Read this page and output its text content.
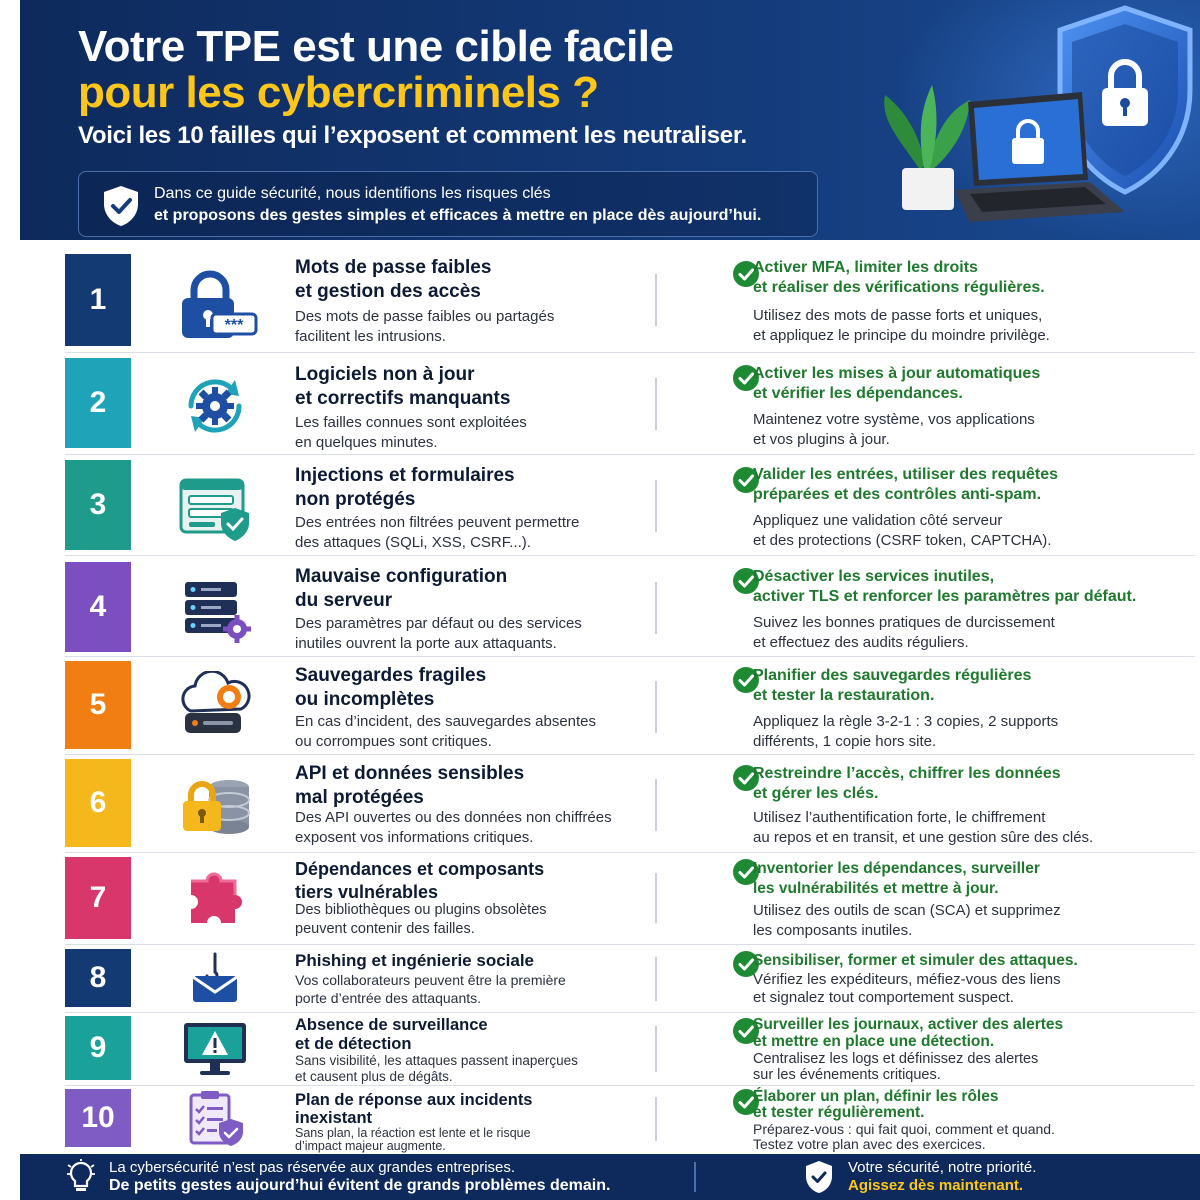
Votre TPE est une cible facile
pour les cybercriminels ?
Voici les 10 failles qui l’exposent et comment les neutraliser.
Dans ce guide sécurité, nous identifions les risques clés
et proposons des gestes simples et efficaces à mettre en place dès aujourd’hui.
1
***
Mots de passe faibles
et gestion des accès
Des mots de passe faibles ou partagés
facilitent les intrusions.
Activer MFA, limiter les droits
et réaliser des vérifications régulières.
Utilisez des mots de passe forts et uniques,
et appliquez le principe du moindre privilège.
2
Logiciels non à jour
et correctifs manquants
Les failles connues sont exploitées
en quelques minutes.
Activer les mises à jour automatiques
et vérifier les dépendances.
Maintenez votre système, vos applications
et vos plugins à jour.
3
Injections et formulaires
non protégés
Des entrées non filtrées peuvent permettre
des attaques (SQLi, XSS, CSRF...).
Valider les entrées, utiliser des requêtes
préparées et des contrôles anti-spam.
Appliquez une validation côté serveur
et des protections (CSRF token, CAPTCHA).
4
Mauvaise configuration
du serveur
Des paramètres par défaut ou des services
inutiles ouvrent la porte aux attaquants.
Désactiver les services inutiles,
activer TLS et renforcer les paramètres par défaut.
Suivez les bonnes pratiques de durcissement
et effectuez des audits réguliers.
5
Sauvegardes fragiles
ou incomplètes
En cas d’incident, des sauvegardes absentes
ou corrompues sont critiques.
Planifier des sauvegardes régulières
et tester la restauration.
Appliquez la règle 3-2-1 : 3 copies, 2 supports
différents, 1 copie hors site.
6
API et données sensibles
mal protégées
Des API ouvertes ou des données non chiffrées
exposent vos informations critiques.
Restreindre l’accès, chiffrer les données
et gérer les clés.
Utilisez l’authentification forte, le chiffrement
au repos et en transit, et une gestion sûre des clés.
7
Dépendances et composants
tiers vulnérables
Des bibliothèques ou plugins obsolètes
peuvent contenir des failles.
Inventorier les dépendances, surveiller
les vulnérabilités et mettre à jour.
Utilisez des outils de scan (SCA) et supprimez
les composants inutiles.
8
Phishing et ingénierie sociale
Vos collaborateurs peuvent être la première
porte d’entrée des attaquants.
Sensibiliser, former et simuler des attaques.
Vérifiez les expéditeurs, méfiez-vous des liens
et signalez tout comportement suspect.
9
Absence de surveillance
et de détection
Sans visibilité, les attaques passent inaperçues
et causent plus de dégâts.
Surveiller les journaux, activer des alertes
et mettre en place une détection.
Centralisez les logs et définissez des alertes
sur les événements critiques.
10
Plan de réponse aux incidents
inexistant
Sans plan, la réaction est lente et le risque
d’impact majeur augmente.
Élaborer un plan, définir les rôles
et tester régulièrement.
Préparez-vous : qui fait quoi, comment et quand.
Testez votre plan avec des exercices.
La cybersécurité n’est pas réservée aux grandes entreprises.
De petits gestes aujourd’hui évitent de grands problèmes demain.
Votre sécurité, notre priorité.
Agissez dès maintenant.
